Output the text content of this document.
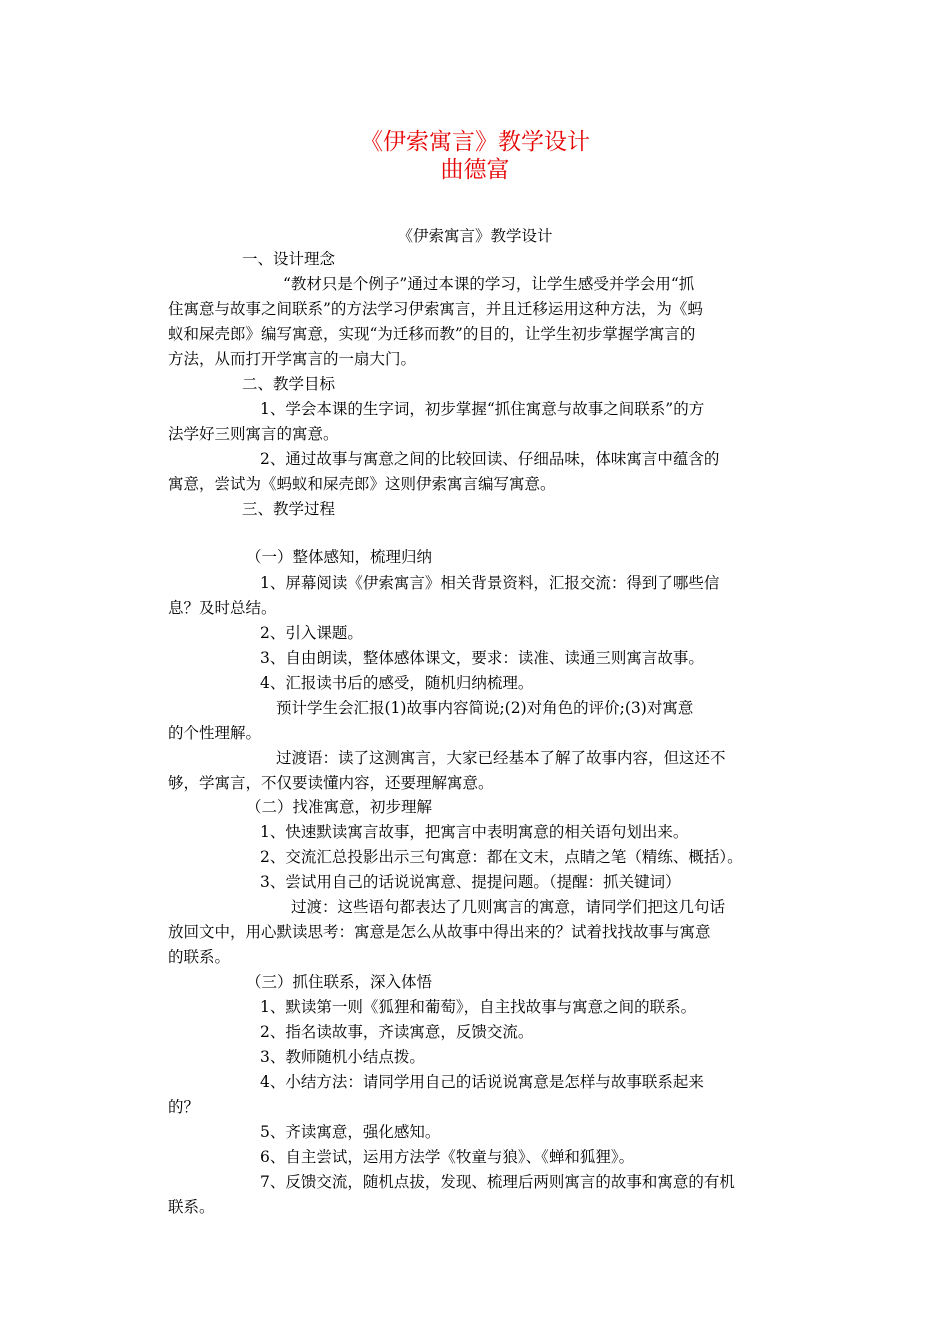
《伊索寓言》教学设计
曲德富
《伊索寓言》教学设计
一、设计理念
“教材只是个例子”通过本课的学习，让学生感受并学会用“抓
住寓意与故事之间联系”的方法学习伊索寓言，并且迁移运用这种方法，为《蚂
蚁和屎壳郎》编写寓意，实现“为迁移而教”的目的，让学生初步掌握学寓言的
方法，从而打开学寓言的一扇大门。
二、教学目标
1、学会本课的生字词，初步掌握“抓住寓意与故事之间联系”的方
法学好三则寓言的寓意。
2、通过故事与寓意之间的比较回读、仔细品味，体味寓言中蕴含的
寓意，尝试为《蚂蚁和屎壳郎》这则伊索寓言编写寓意。
三、教学过程
（一）整体感知，梳理归纳
1、屏幕阅读《伊索寓言》相关背景资料，汇报交流：得到了哪些信
息？及时总结。
2、引入课题。
3、自由朗读，整体感体课文，要求：读准、读通三则寓言故事。
4、汇报读书后的感受，随机归纳梳理。
预计学生会汇报(1)故事内容简说;(2)对角色的评价;(3)对寓意
的个性理解。
过渡语：读了这测寓言，大家已经基本了解了故事内容，但这还不
够，学寓言，不仅要读懂内容，还要理解寓意。
（二）找准寓意，初步理解
1、快速默读寓言故事，把寓言中表明寓意的相关语句划出来。
2、交流汇总投影出示三句寓意：都在文末，点睛之笔（精练、概括）。
3、尝试用自己的话说说寓意、提提问题。（提醒：抓关键词）
过渡：这些语句都表达了几则寓言的寓意，请同学们把这几句话
放回文中，用心默读思考：寓意是怎么从故事中得出来的？试着找找故事与寓意
的联系。
（三）抓住联系，深入体悟
1、默读第一则《狐狸和葡萄》，自主找故事与寓意之间的联系。
2、指名读故事，齐读寓意，反馈交流。
3、教师随机小结点拨。
4、小结方法：请同学用自己的话说说寓意是怎样与故事联系起来
的？
5、齐读寓意，强化感知。
6、自主尝试，运用方法学《牧童与狼》、《蝉和狐狸》。
7、反馈交流，随机点拔，发现、梳理后两则寓言的故事和寓意的有机
联系。
